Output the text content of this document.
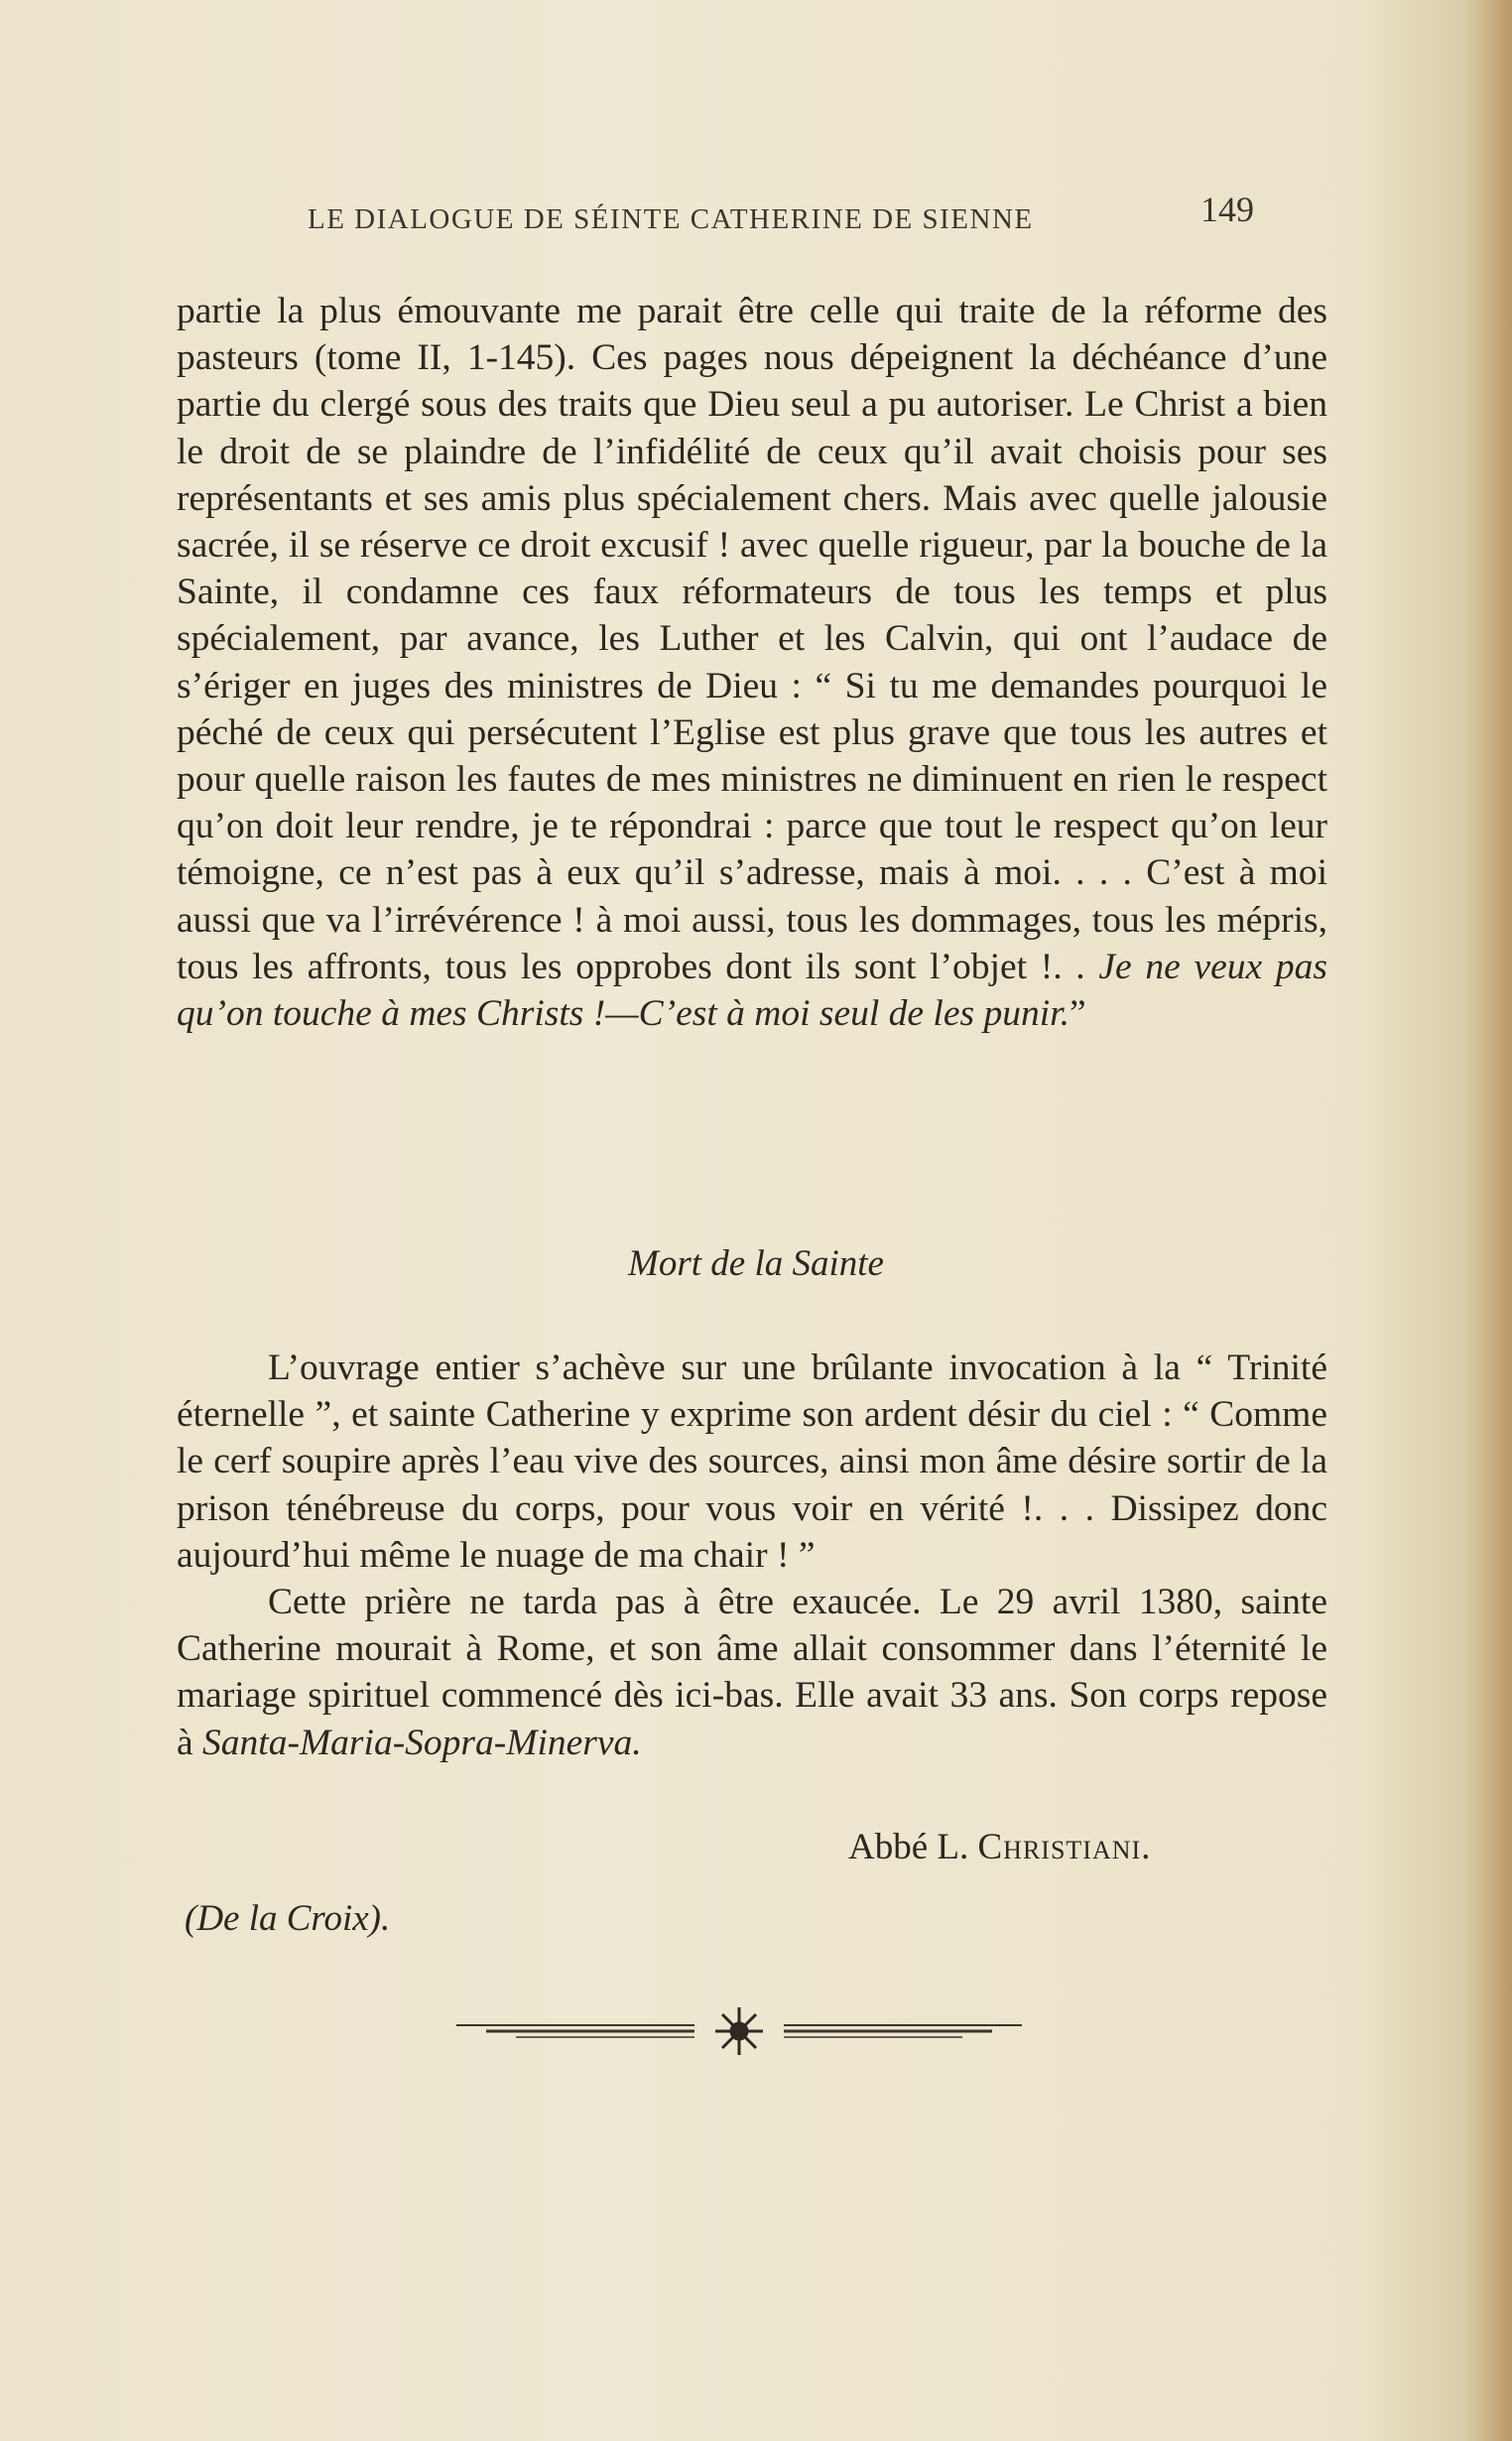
LE DIALOGUE DE SÉINTE CATHERINE DE SIENNE	149

partie la plus émouvante me parait être celle qui traite de la réforme des pasteurs (tome II, 1-145). Ces pages nous dépeignent la déchéance d’une partie du clergé sous des traits que Dieu seul a pu autoriser. Le Christ a bien le droit de se plaindre de l’infidélité de ceux qu’il avait choisis pour ses représentants et ses amis plus spécialement chers. Mais avec quelle jalousie sacrée, il se réserve ce droit excusif ! avec quelle rigueur, par la bouche de la Sainte, il condamne ces faux réformateurs de tous les temps et plus spécialement, par avance, les Luther et les Calvin, qui ont l’audace de s’ériger en juges des ministres de Dieu : “ Si tu me demandes pourquoi le péché de ceux qui persécutent l’Eglise est plus grave que tous les autres et pour quelle raison les fautes de mes ministres ne diminuent en rien le respect qu’on doit leur rendre, je te répondrai : parce que tout le respect qu’on leur témoigne, ce n’est pas à eux qu’il s’adresse, mais à moi. . . . C’est à moi aussi que va l’irrévérence ! à moi aussi, tous les dommages, tous les mépris, tous les affronts, tous les opprobes dont ils sont l’objet !. . Je ne veux pas qu’on touche à mes Christs !—C’est à moi seul de les punir.”

Mort de la Sainte

L’ouvrage entier s’achève sur une brûlante invocation à la “ Trinité éternelle ”, et sainte Catherine y exprime son ardent désir du ciel : “ Comme le cerf soupire après l’eau vive des sources, ainsi mon âme désire sortir de la prison ténébreuse du corps, pour vous voir en vérité !. . . Dissipez donc aujourd’hui même le nuage de ma chair ! ”

Cette prière ne tarda pas à être exaucée. Le 29 avril 1380, sainte Catherine mourait à Rome, et son âme allait consommer dans l’éternité le mariage spirituel commencé dès ici-bas. Elle avait 33 ans. Son corps repose à Santa-Maria-Sopra-Minerva.

Abbé L. Christiani.
(De la Croix).
